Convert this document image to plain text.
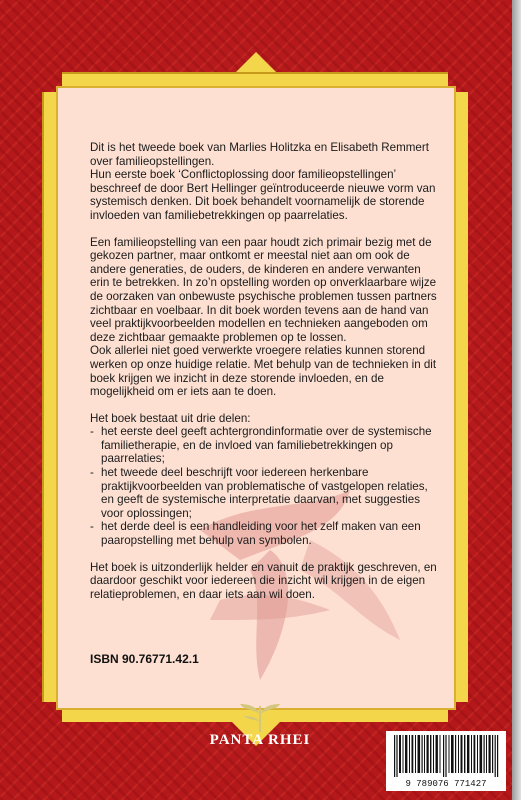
Dit is het tweede boek van Marlies Holitzka en Elisabeth Remmert over familieopstellingen.

Hun eerste boek ‘Conflictoplossing door familieopstellingen’ beschreef de door Bert Hellinger geïntroduceerde nieuwe vorm van systemisch denken. Dit boek behandelt voornamelijk de storende invloeden van familiebetrekkingen op paarrelaties.

Een familieopstelling van een paar houdt zich primair bezig met de gekozen partner, maar ontkomt er meestal niet aan om ook de andere generaties, de ouders, de kinderen en andere verwanten erin te betrekken. In zo’n opstelling worden op onverklaarbare wijze de oorzaken van onbewuste psychische problemen tussen partners zichtbaar en voelbaar. In dit boek worden tevens aan de hand van veel praktijkvoorbeelden modellen en technieken aangeboden om deze zichtbaar gemaakte problemen op te lossen.

Ook allerlei niet goed verwerkte vroegere relaties kunnen storend werken op onze huidige relatie. Met behulp van de technieken in dit boek krijgen we inzicht in deze storende invloeden, en de mogelijkheid om er iets aan te doen.

Het boek bestaat uit drie delen:

- het eerste deel geeft achtergrondinformatie over de systemische familietherapie, en de invloed van familiebetrekkingen op paarrelaties;
- het tweede deel beschrijft voor iedereen herkenbare praktijkvoorbeelden van problematische of vastgelopen relaties, en geeft de systemische interpretatie daarvan, met suggesties voor oplossingen;
- het derde deel is een handleiding voor het zelf maken van een paaropstelling met behulp van symbolen.

Het boek is uitzonderlijk helder en vanuit de praktijk geschreven, en daardoor geschikt voor iedereen die inzicht wil krijgen in de eigen relatieproblemen, en daar iets aan wil doen.

ISBN 90.76771.42.1
PANTA RHEI
9 789076 771427
